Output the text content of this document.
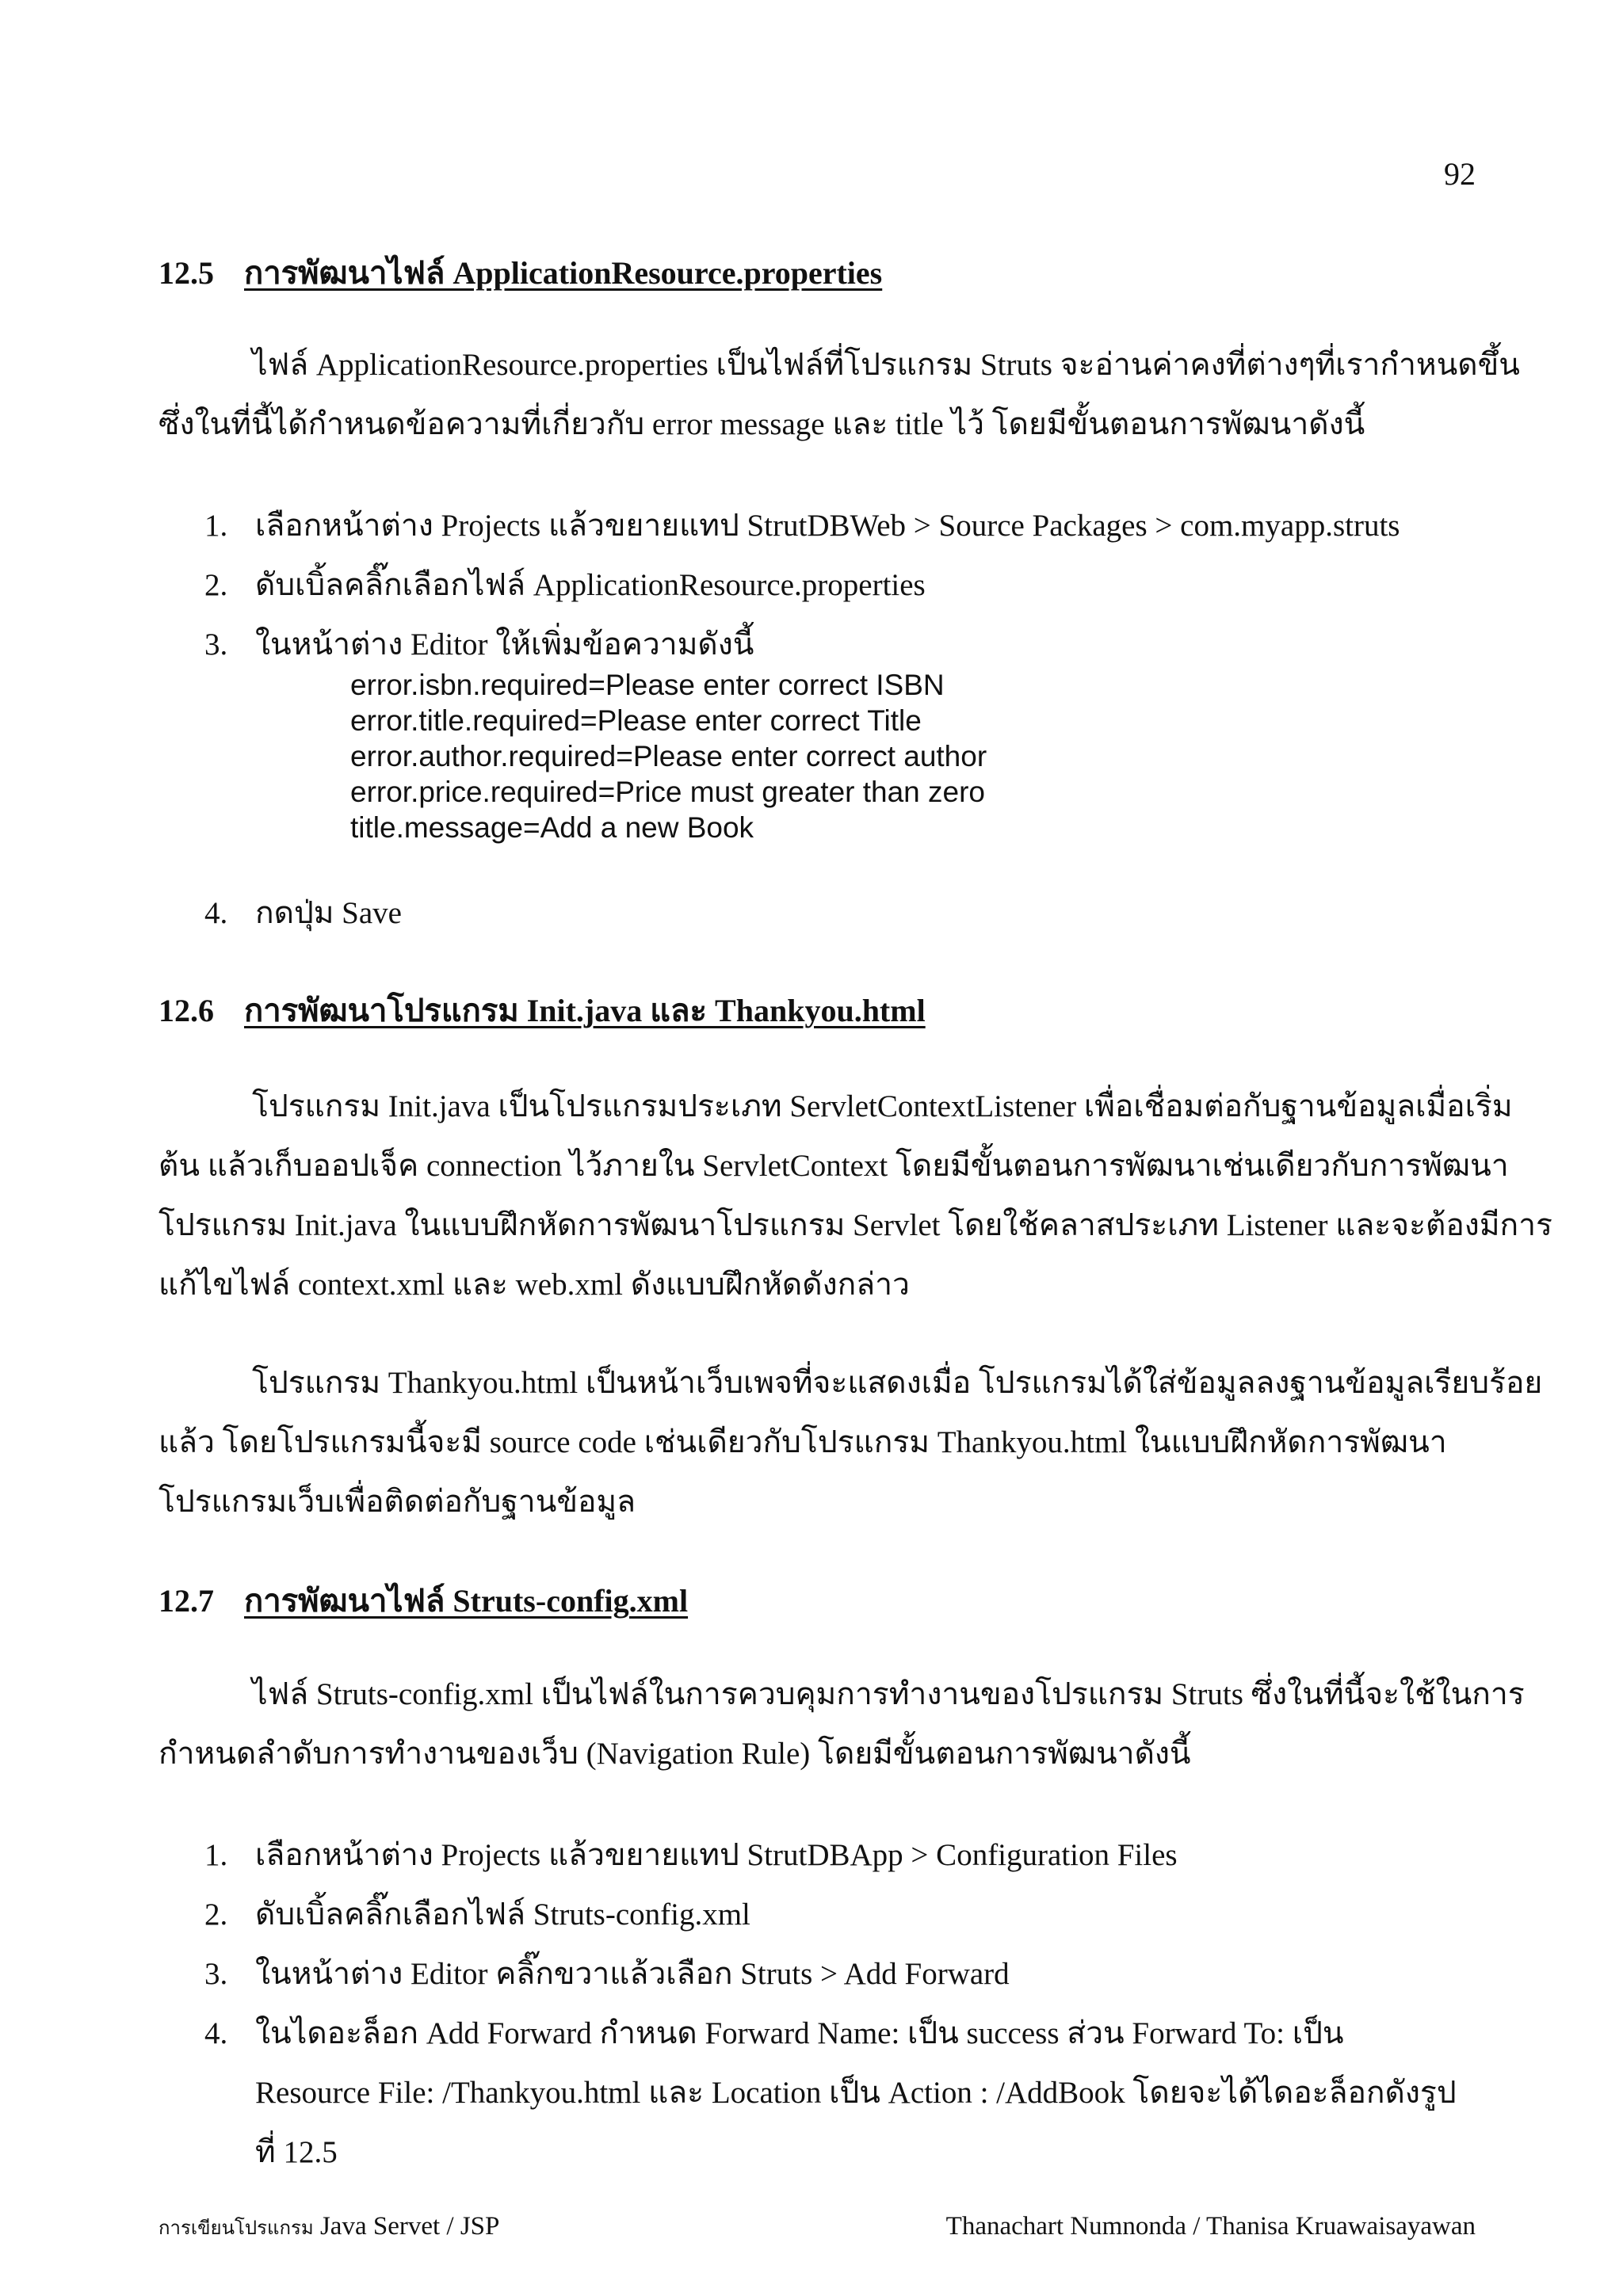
92
12.5 การพัฒนาไฟล์ ApplicationResource.properties
ไฟล์ ApplicationResource.properties เป็นไฟล์ที่โปรแกรม Struts จะอ่านค่าคงที่ต่างๆที่เรากำหนดขึ้น
ซึ่งในที่นี้ได้กำหนดข้อความที่เกี่ยวกับ error message และ title ไว้ โดยมีขั้นตอนการพัฒนาดังนี้
1. เลือกหน้าต่าง Projects แล้วขยายแทป StrutDBWeb > Source Packages > com.myapp.struts
2. ดับเบิ้ลคลิ๊กเลือกไฟล์ ApplicationResource.properties
3. ในหน้าต่าง Editor ให้เพิ่มข้อความดังนี้
error.isbn.required=Please enter correct ISBN
error.title.required=Please enter correct Title
error.author.required=Please enter correct author
error.price.required=Price must greater than zero
title.message=Add a new Book
4. กดปุ่ม Save
12.6 การพัฒนาโปรแกรม Init.java และ Thankyou.html
โปรแกรม Init.java เป็นโปรแกรมประเภท ServletContextListener เพื่อเชื่อมต่อกับฐานข้อมูลเมื่อเริ่ม
ต้น แล้วเก็บออปเจ็ค connection ไว้ภายใน ServletContext โดยมีขั้นตอนการพัฒนาเช่นเดียวกับการพัฒนา
โปรแกรม Init.java ในแบบฝึกหัดการพัฒนาโปรแกรม Servlet โดยใช้คลาสประเภท Listener และจะต้องมีการ
แก้ไขไฟล์ context.xml และ web.xml ดังแบบฝึกหัดดังกล่าว
โปรแกรม Thankyou.html เป็นหน้าเว็บเพจที่จะแสดงเมื่อ โปรแกรมได้ใส่ข้อมูลลงฐานข้อมูลเรียบร้อย
แล้ว โดยโปรแกรมนี้จะมี source code เช่นเดียวกับโปรแกรม Thankyou.html ในแบบฝึกหัดการพัฒนา
โปรแกรมเว็บเพื่อติดต่อกับฐานข้อมูล
12.7 การพัฒนาไฟล์ Struts-config.xml
ไฟล์ Struts-config.xml เป็นไฟล์ในการควบคุมการทำงานของโปรแกรม Struts ซึ่งในที่นี้จะใช้ในการ
กำหนดลำดับการทำงานของเว็บ (Navigation Rule) โดยมีขั้นตอนการพัฒนาดังนี้
1. เลือกหน้าต่าง Projects แล้วขยายแทป StrutDBApp > Configuration Files
2. ดับเบิ้ลคลิ๊กเลือกไฟล์ Struts-config.xml
3. ในหน้าต่าง Editor คลิ๊กขวาแล้วเลือก Struts > Add Forward
4. ในไดอะล็อก Add Forward กำหนด Forward Name: เป็น success ส่วน Forward To: เป็น
Resource File: /Thankyou.html และ Location เป็น Action : /AddBook โดยจะได้ไดอะล็อกดังรูป
ที่ 12.5
การเขียนโปรแกรม Java Servet / JSP	Thanachart Numnonda / Thanisa Kruawaisayawan
